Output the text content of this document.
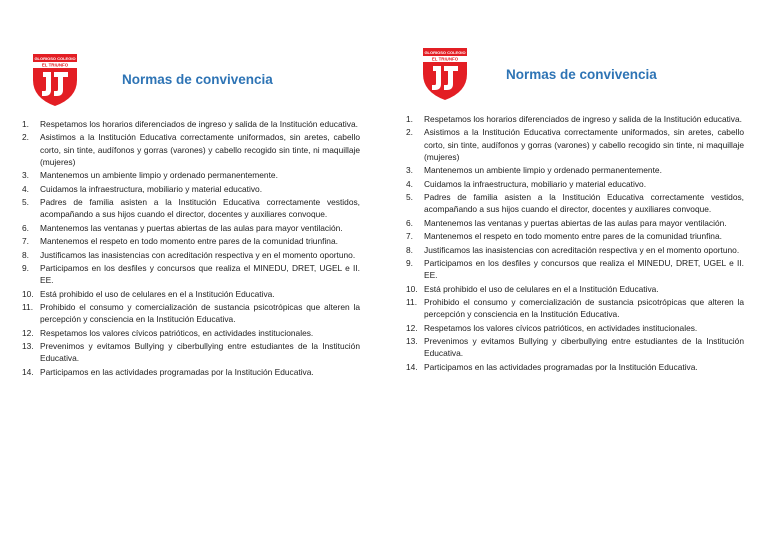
GLORIOSO COLEGIO
EL TRIUNFO
Normas de convivencia
1. Respetamos los horarios diferenciados de ingreso y salida de la Institución educativa.
2. Asistimos a la Institución Educativa correctamente uniformados, sin aretes, cabello corto, sin tinte, audífonos y gorras (varones) y cabello recogido sin tinte, ni maquillaje (mujeres)
3. Mantenemos un ambiente limpio y ordenado permanentemente.
4. Cuidamos la infraestructura, mobiliario y material educativo.
5. Padres de familia asisten a la Institución Educativa correctamente vestidos, acompañando a sus hijos cuando el director, docentes y auxiliares convoque.
6. Mantenemos las ventanas y puertas abiertas de las aulas para mayor ventilación.
7. Mantenemos el respeto en todo momento entre pares de la comunidad triunfina.
8. Justificamos las inasistencias con acreditación respectiva y en el momento oportuno.
9. Participamos en los desfiles y concursos que realiza el MINEDU, DRET, UGEL e II. EE.
10. Está prohibido el uso de celulares en el a Institución Educativa.
11. Prohibido el consumo y comercialización de sustancia psicotrópicas que alteren la percepción y consciencia en la Institución Educativa.
12. Respetamos los valores cívicos patrióticos, en actividades institucionales.
13. Prevenimos y evitamos Bullying y ciberbullying entre estudiantes de la Institución Educativa.
14. Participamos en las actividades programadas por la Institución Educativa.
GLORIOSO COLEGIO
EL TRIUNFO
Normas de convivencia
1. Respetamos los horarios diferenciados de ingreso y salida de la Institución educativa.
2. Asistimos a la Institución Educativa correctamente uniformados, sin aretes, cabello corto, sin tinte, audífonos y gorras (varones) y cabello recogido sin tinte, ni maquillaje (mujeres)
3. Mantenemos un ambiente limpio y ordenado permanentemente.
4. Cuidamos la infraestructura, mobiliario y material educativo.
5. Padres de familia asisten a la Institución Educativa correctamente vestidos, acompañando a sus hijos cuando el director, docentes y auxiliares convoque.
6. Mantenemos las ventanas y puertas abiertas de las aulas para mayor ventilación.
7. Mantenemos el respeto en todo momento entre pares de la comunidad triunfina.
8. Justificamos las inasistencias con acreditación respectiva y en el momento oportuno.
9. Participamos en los desfiles y concursos que realiza el MINEDU, DRET, UGEL e II. EE.
10. Está prohibido el uso de celulares en el a Institución Educativa.
11. Prohibido el consumo y comercialización de sustancia psicotrópicas que alteren la percepción y consciencia en la Institución Educativa.
12. Respetamos los valores cívicos patrióticos, en actividades institucionales.
13. Prevenimos y evitamos Bullying y ciberbullying entre estudiantes de la Institución Educativa.
14. Participamos en las actividades programadas por la Institución Educativa.
